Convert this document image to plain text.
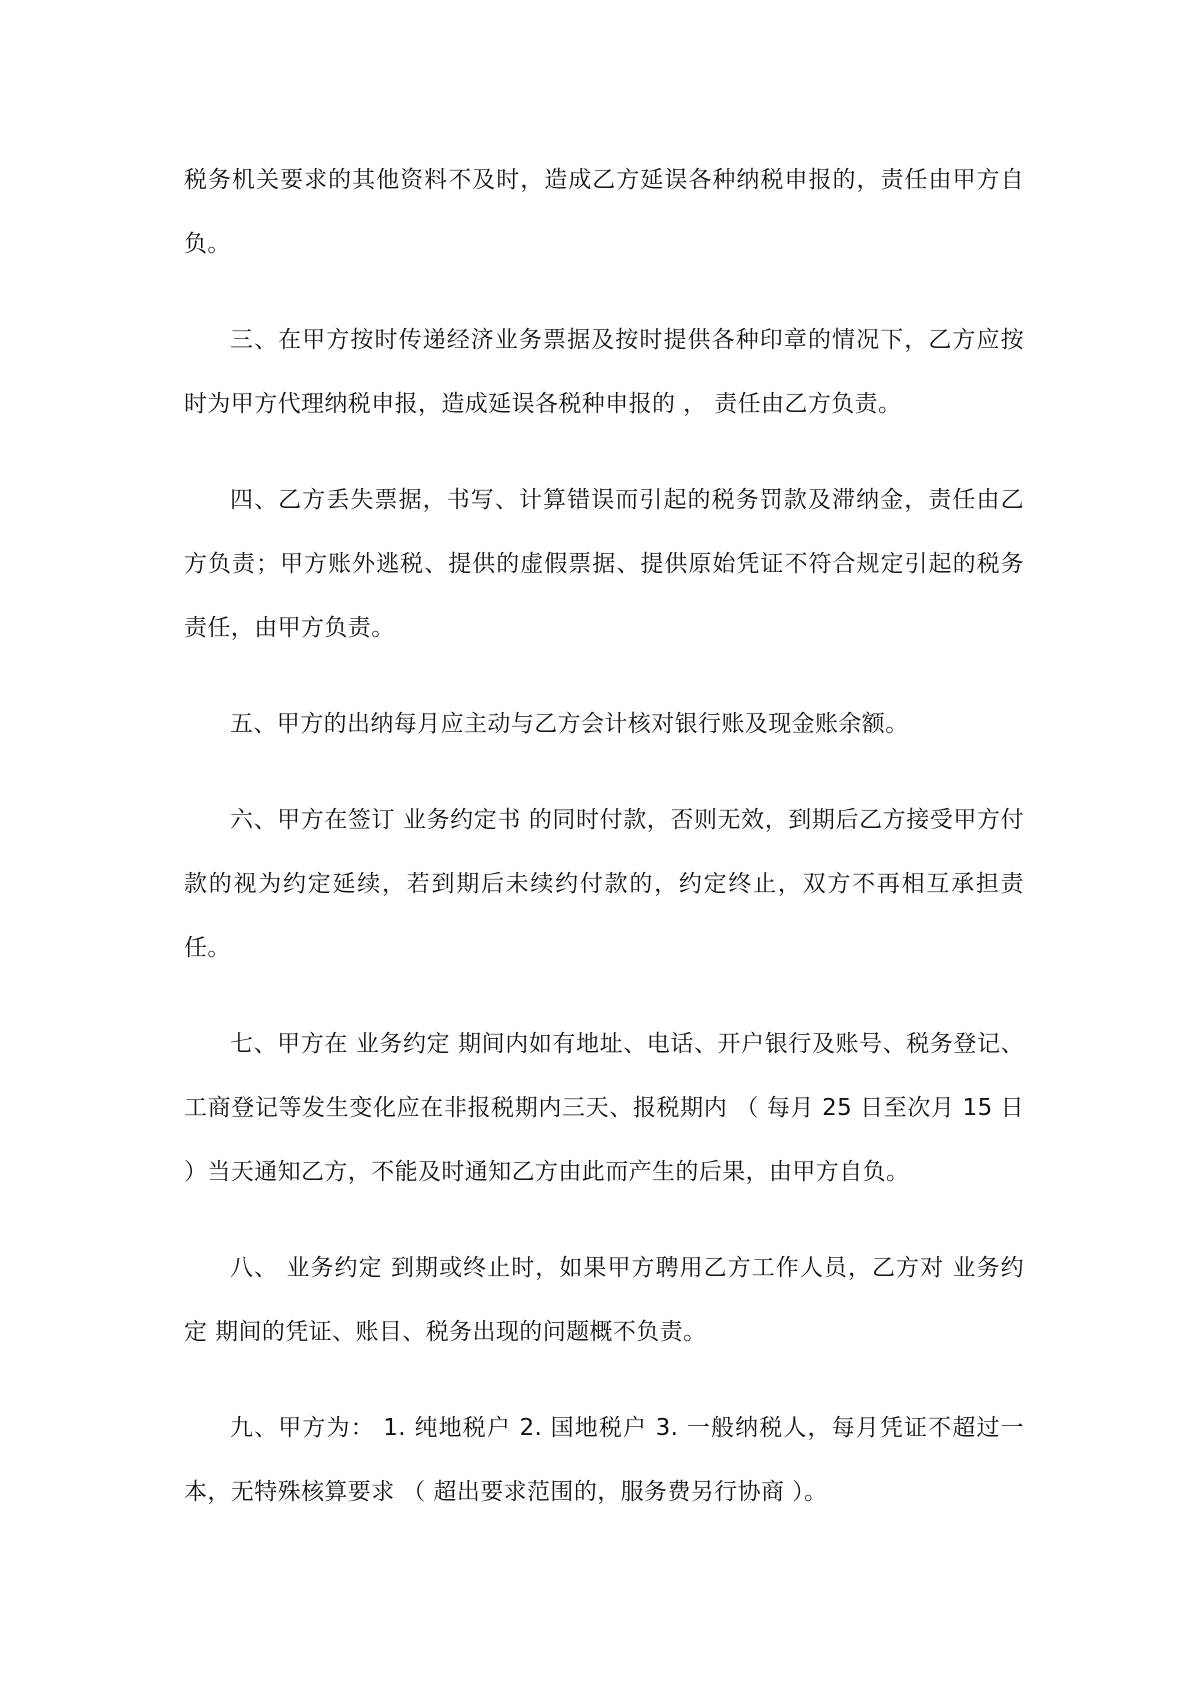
税务机关要求的其他资料不及时，造成乙方延误各种纳税申报的，责任由甲方自负。

三、在甲方按时传递经济业务票据及按时提供各种印章的情况下，乙方应按时为甲方代理纳税申报，造成延误各税种申报的 ， 责任由乙方负责。

四、乙方丢失票据，书写、计算错误而引起的税务罚款及滞纳金，责任由乙方负责；甲方账外逃税、提供的虚假票据、提供原始凭证不符合规定引起的税务责任，由甲方负责。

五、甲方的出纳每月应主动与乙方会计核对银行账及现金账余额。

六、甲方在签订 业务约定书 的同时付款，否则无效，到期后乙方接受甲方付款的视为约定延续，若到期后未续约付款的，约定终止，双方不再相互承担责任。

七、甲方在 业务约定 期间内如有地址、电话、开户银行及账号、税务登记、工商登记等发生变化应在非报税期内三天、报税期内 （ 每月 25 日至次月 15 日 ）当天通知乙方，不能及时通知乙方由此而产生的后果，由甲方自负。

八、 业务约定 到期或终止时，如果甲方聘用乙方工作人员，乙方对 业务约定 期间的凭证、账目、税务出现的问题概不负责。

九、甲方为： 1. 纯地税户 2. 国地税户 3. 一般纳税人，每月凭证不超过一本，无特殊核算要求 （ 超出要求范围的，服务费另行协商 ）。
